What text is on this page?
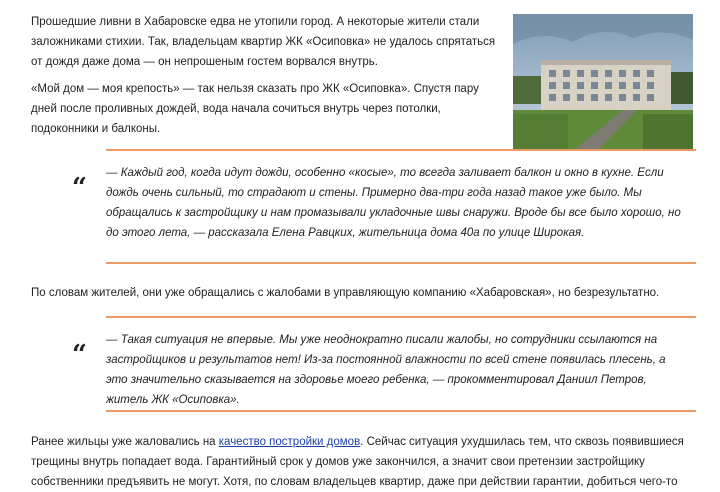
Прошедшие ливни в Хабаровске едва не утопили город. А некоторые жители стали заложниками стихии. Так, владельцам квартир ЖК «Осиповка» не удалось спрятаться от дождя даже дома — он непрошеным гостем ворвался внутрь.

«Мой дом — моя крепость» — так нельзя сказать про ЖК «Осиповка». Спустя пару дней после проливных дождей, вода начала сочиться внутрь через потолки, подоконники и балконы.

“ — Каждый год, когда идут дожди, особенно «косые», то всегда заливает балкон и окно в кухне. Если дождь очень сильный, то страдают и стены. Примерно два-три года назад такое уже было. Мы обращались к застройщику и нам промазывали укладочные швы снаружи. Вроде бы все было хорошо, но до этого лета, — рассказала Елена Равцких, жительница дома 40а по улице Широкая.

По словам жителей, они уже обращались с жалобами в управляющую компанию «Хабаровская», но безрезультатно.

“ — Такая ситуация не впервые. Мы уже неоднократно писали жалобы, но сотрудники ссылаются на застройщиков и результатов нет! Из-за постоянной влажности по всей стене появилась плесень, а это значительно сказывается на здоровье моего ребенка, — прокомментировал Даниил Петров, житель ЖК «Осиповка».

Ранее жильцы уже жаловались на качество постройки домов. Сейчас ситуация ухудшилась тем, что сквозь появившиеся трещины внутрь попадает вода. Гарантийный срок у домов уже закончился, а значит свои претензии застройщику собственники предъявить не могут. Хотя, по словам владельцев квартир, даже при действии гарантии, добиться чего-то
